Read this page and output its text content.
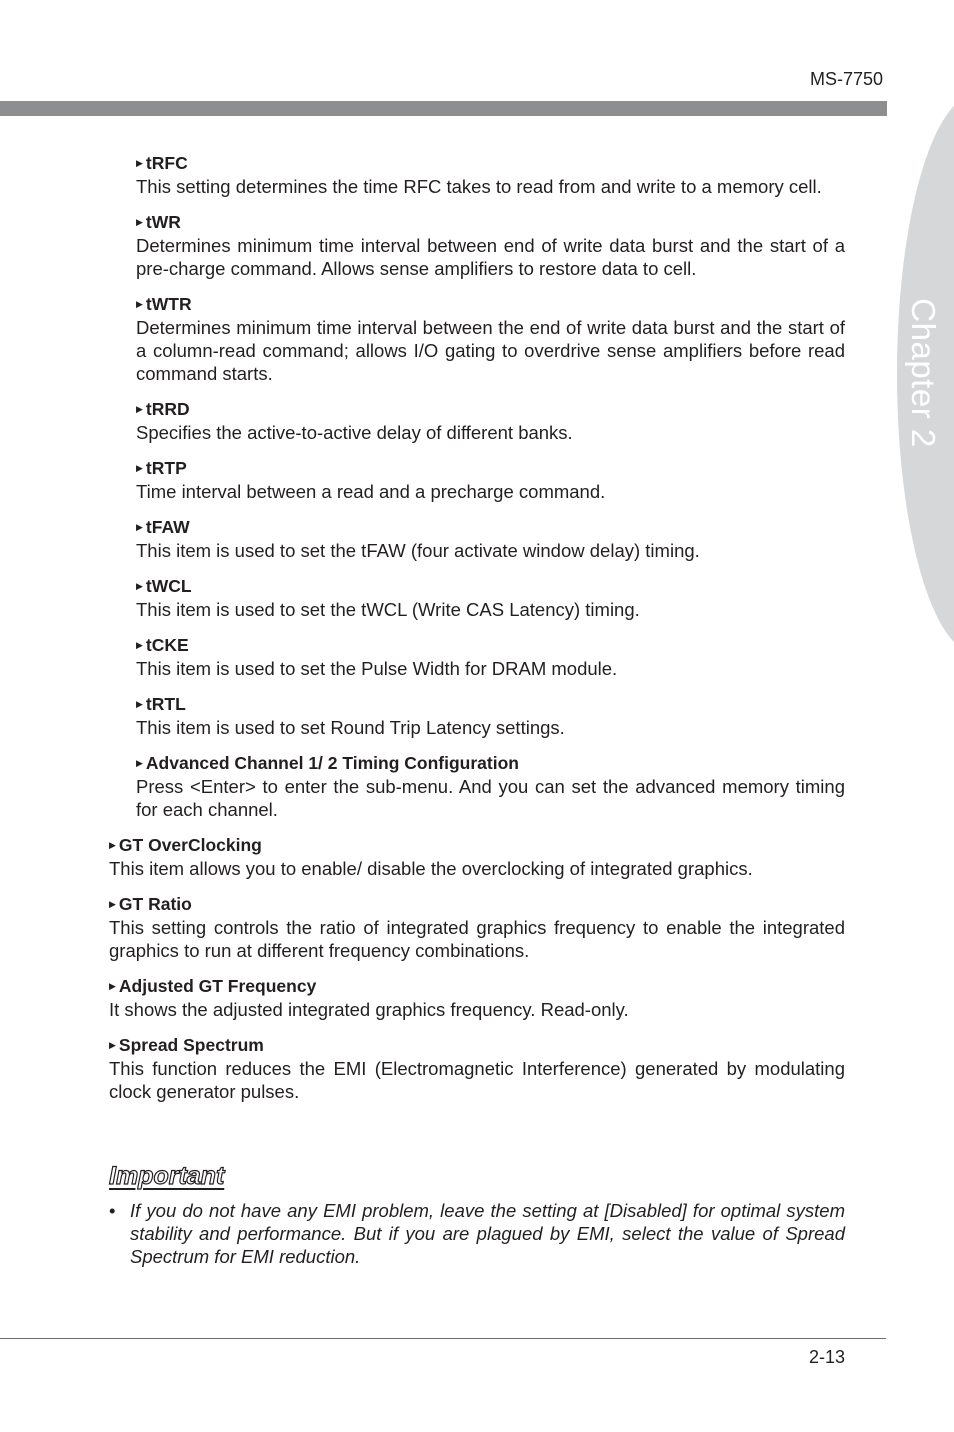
MS-7750
Chapter 2
▶ tRFC
This setting determines the time RFC takes to read from and write to a memory cell.
▶ tWR
Determines minimum time interval between end of write data burst and the start of a pre-charge command. Allows sense amplifiers to restore data to cell.
▶ tWTR
Determines minimum time interval between the end of write data burst and the start of a column-read command; allows I/O gating to overdrive sense amplifiers before read command starts.
▶ tRRD
Specifies the active-to-active delay of different banks.
▶ tRTP
Time interval between a read and a precharge command.
▶ tFAW
This item is used to set the tFAW (four activate window delay) timing.
▶ tWCL
This item is used to set the tWCL (Write CAS Latency) timing.
▶ tCKE
This item is used to set the Pulse Width for DRAM module.
▶ tRTL
This item is used to set Round Trip Latency settings.
▶ Advanced Channel 1/ 2 Timing Configuration
Press <Enter> to enter the sub-menu. And you can set the advanced memory timing for each channel.
▶ GT OverClocking
This item allows you to enable/ disable the overclocking of integrated graphics.
▶ GT Ratio
This setting controls the ratio of integrated graphics frequency to enable the integrated graphics to run at different frequency combinations.
▶ Adjusted GT Frequency
It shows the adjusted integrated graphics frequency. Read-only.
▶ Spread Spectrum
This function reduces the EMI (Electromagnetic Interference) generated by modulating clock generator pulses.
Important
• If you do not have any EMI problem, leave the setting at [Disabled] for optimal system stability and performance. But if you are plagued by EMI, select the value of Spread Spectrum for EMI reduction.
2-13
